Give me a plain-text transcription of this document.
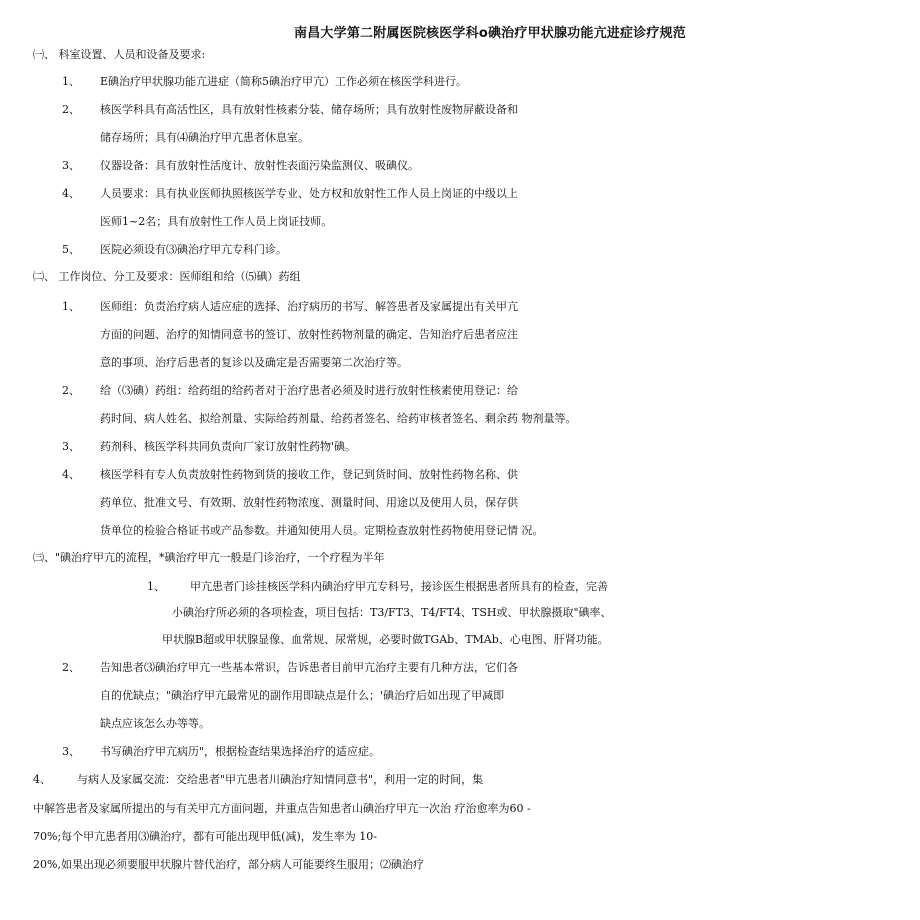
南昌大学第二附属医院核医学科o碘治疗甲状腺功能亢进症诊疗规范
㈠、 科室设置、人员和设备及要求:
1、 E碘治疗甲状腺功能亢进症（简称5碘治疗甲亢）工作必须在核医学科进行。
2、 核医学科具有高活性区，具有放射性核素分装、储存场所；具有放射性废物屏蔽设备和
储存场所；具有⑷碘治疗甲亢患者休息室。
3、 仪器设备：具有放射性活度计、放射性表面污染监测仪、吸碘仪。
4、 人员要求：具有执业医师执照核医学专业、处方权和放射性工作人员上岗证的中级以上
医师1~2名；具有放射性工作人员上岗证技师。
5、 医院必须设有⑶碘治疗甲亢专科门诊。
㈡、 工作岗位、分工及要求：医师组和给（⑸碘）药组
1、 医师组：负责治疗病人适应症的选择、治疗病历的书写、解答患者及家属提出有关甲亢
方面的问题、治疗的知情同意书的签订、放射性药物剂量的确定、告知治疗后患者应注
意的事项、治疗后患者的复诊以及确定是否需要第二次治疗等。
2、 给（⑶碘）药组：给药组的给药者对于治疗患者必须及时进行放射性核素使用登记：给
药时间、病人姓名、拟给剂量、实际给药剂量、给药者签名、给药审核者签名、剩余药 物剂量等。
3、 药剂科、核医学科共同负责向厂家订放射性药物'碘。
4、 核医学科有专人负责放射性药物到货的接收工作，登记到货时间、放射性药物名称、供
药单位、批准文号、有效期、放射性药物浓度、测量时间、用途以及使用人员，保存供
货单位的检验合格证书或产品参数。并通知使用人员。定期检查放射性药物使用登记情 况。
㈢、"碘治疗甲亢的流程，*碘治疗甲亢一般是门诊治疗，一个疗程为半年
1、 甲亢患者门诊挂核医学科内碘治疗甲亢专科号，接诊医生根据患者所具有的检查，完善
小碘治疗所必须的各项检查，项目包括：T3/FT3、T4/FT4、TSH或、甲状腺摄取"碘率、
甲状腺B超或甲状腺显像、血常规、尿常规，必要时做TGAb、TMAb、心电图、肝肾功能。
2、 告知患者⑶碘治疗甲亢一些基本常识，告诉患者目前甲亢治疗主要有几种方法，它们各
自的优缺点；"碘治疗甲亢最常见的副作用即缺点是什么；'碘治疗后如出现了甲减即
缺点应该怎么办等等。
3、 书写碘治疗甲亢病历"，根据检查结果选择治疗的适应症。
4、 与病人及家属交流：交给患者"甲亢患者川碘治疗知情同意书"，利用一定的时间，集
中解答患者及家属所提出的与有关甲亢方面问题，并重点告知患者山碘治疗甲亢一次治 疗治愈率为60 -
70%;每个甲亢患者用⑶碘治疗，都有可能出现甲低(减)，发生率为 10-
20%,如果出现必须要服甲状腺片替代治疗，部分病人可能要终生服用；⑵碘治疗
